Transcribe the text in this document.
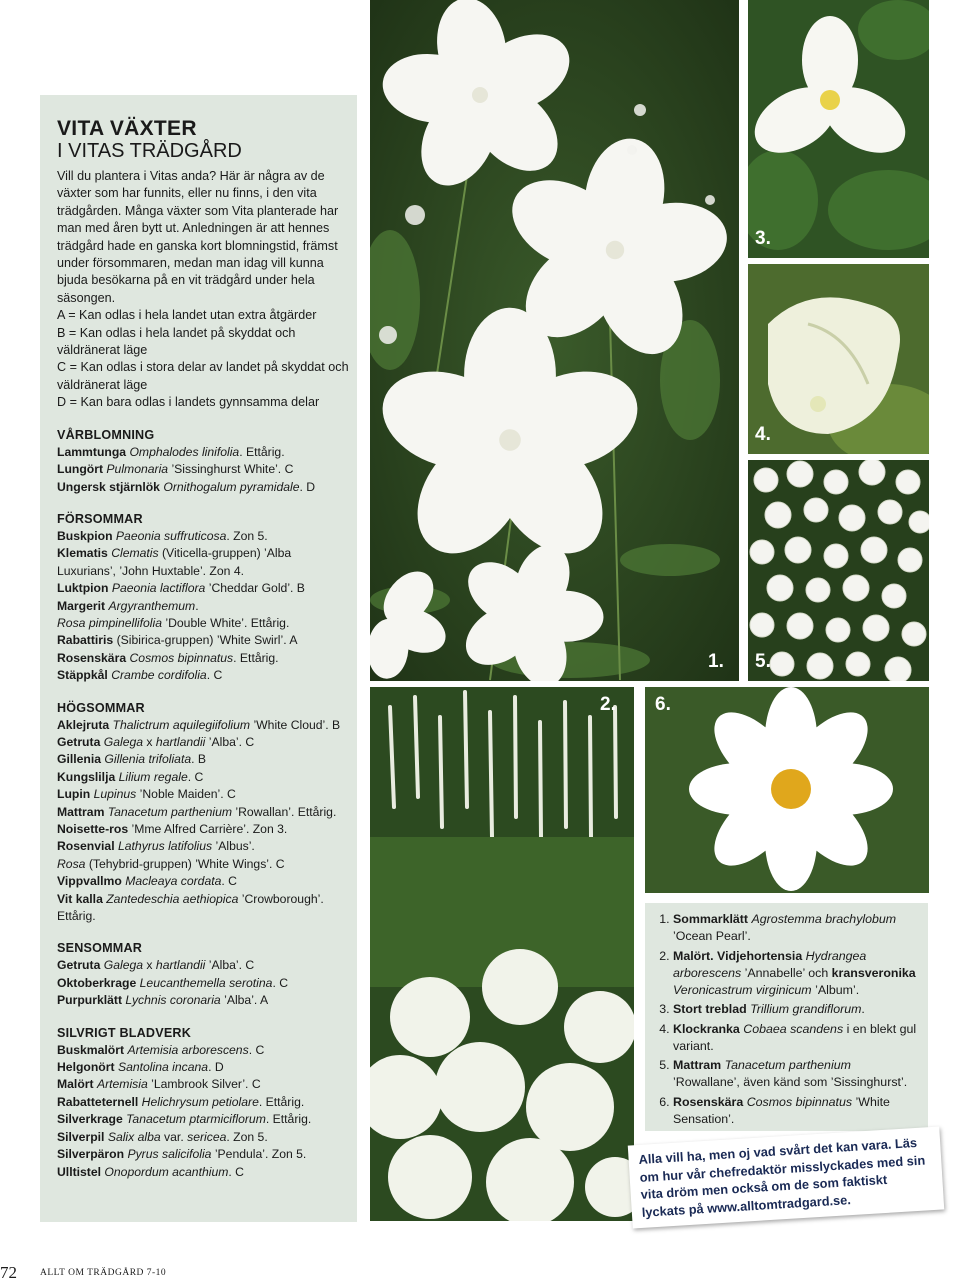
VITA VÄXTER
I VITAS TRÄDGÅRD

Vill du plantera i Vitas anda? Här är några av de växter som har funnits, eller nu finns, i den vita trädgården. Många växter som Vita planterade har man med åren bytt ut. Anledningen är att hennes trädgård hade en ganska kort blomningstid, främst under försommaren, medan man idag vill kunna bjuda besökarna på en vit trädgård under hela säsongen.

A = Kan odlas i hela landet utan extra åtgärder

B = Kan odlas i hela landet på skyddat och väldränerat läge

C = Kan odlas i stora delar av landet på skyddat och väldränerat läge

D = Kan bara odlas i landets gynnsamma delar

VÅRBLOMNING
Lammtunga Omphalodes linifolia. Ettårig.
Lungört Pulmonaria ’Sissinghurst White’. C
Ungersk stjärnlök Ornithogalum pyramidale. D
FÖRSOMMAR
Buskpion Paeonia suffruticosa. Zon 5.
Klematis Clematis (Viticella-gruppen) ’Alba Luxurians’, ’John Huxtable’. Zon 4.
Luktpion Paeonia lactiflora ’Cheddar Gold’. B
Margerit Argyranthemum.
Rosa pimpinellifolia ’Double White’. Ettårig.
Rabattiris (Sibirica-gruppen) ’White Swirl’. A
Rosenskära Cosmos bipinnatus. Ettårig.
Stäppkål Crambe cordifolia. C
HÖGSOMMAR
Aklejruta Thalictrum aquilegiifolium ’White Cloud’. B
Getruta Galega x hartlandii ’Alba’. C
Gillenia Gillenia trifoliata. B
Kungslilja Lilium regale. C
Lupin Lupinus ’Noble Maiden’. C
Mattram Tanacetum parthenium ’Rowallan’. Ettårig.
Noisette-ros ’Mme Alfred Carrière’. Zon 3.
Rosenvial Lathyrus latifolius ’Albus’.
Rosa (Tehybrid-gruppen) ’White Wings’. C
Vippvallmo Macleaya cordata. C
Vit kalla Zantedeschia aethiopica ’Crowborough’. Ettårig.
SENSOMMAR
Getruta Galega x hartlandii ’Alba’. C
Oktoberkrage Leucanthemella serotina. C
Purpurklätt Lychnis coronaria ’Alba’. A
SILVRIGT BLADVERK
Buskmalört Artemisia arborescens. C
Helgonört Santolina incana. D
Malört Artemisia ’Lambrook Silver’. C
Rabatteternell Helichrysum petiolare. Ettårig.
Silverkrage Tanacetum ptarmiciflorum. Ettårig.
Silverpil Salix alba var. sericea. Zon 5.
Silverpäron Pyrus salicifolia ’Pendula’. Zon 5.
Ulltistel Onopordum acanthium. C
3.
4.
1. 5.
2. 6.
1. Sommarklätt Agrostemma brachylobum ’Ocean Pearl’.
2. Malört. Vidjehortensia Hydrangea arborescens ’Annabelle’ och kransveronika Veronicastrum virginicum ’Album’.
3. Stort treblad Trillium grandiflorum.
4. Klockranka Cobaea scandens i en blekt gul variant.
5. Mattram Tanacetum parthenium ’Rowallane’, även känd som ’Sissinghurst’.
6. Rosenskära Cosmos bipinnatus ’White Sensation’.
Alla vill ha, men oj vad svårt det kan vara. Läs om hur vår chefredaktör misslyckades med sin vita dröm men också om de som faktiskt lyckats på www.alltomtradgard.se.
72 ALLT OM TRÄDGÅRD 7-10
